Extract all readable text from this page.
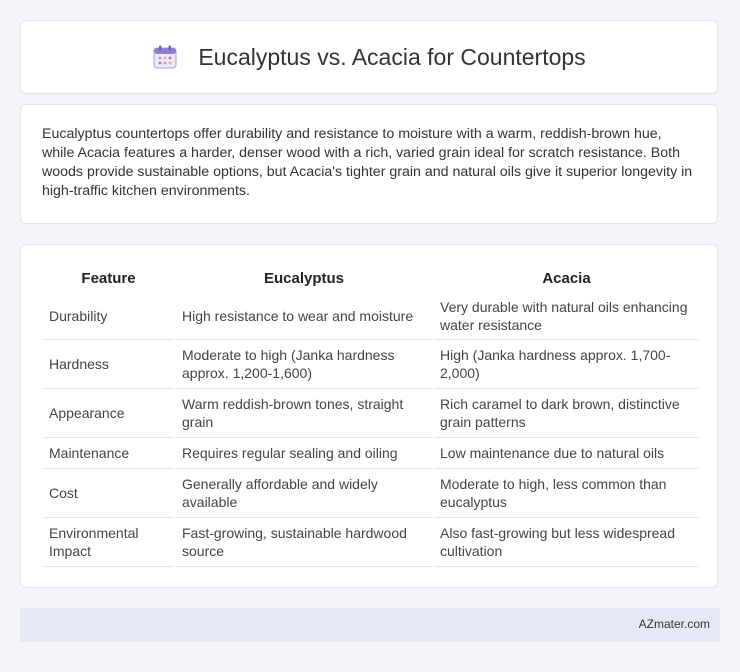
Eucalyptus vs. Acacia for Countertops

Eucalyptus countertops offer durability and resistance to moisture with a warm, reddish-brown hue, while Acacia features a harder, denser wood with a rich, varied grain ideal for scratch resistance. Both woods provide sustainable options, but Acacia's tighter grain and natural oils give it superior longevity in high-traffic kitchen environments.

Feature	Eucalyptus	Acacia
Durability	High resistance to wear and moisture	Very durable with natural oils enhancing water resistance
Hardness	Moderate to high (Janka hardness approx. 1,200-1,600)	High (Janka hardness approx. 1,700-2,000)
Appearance	Warm reddish-brown tones, straight grain	Rich caramel to dark brown, distinctive grain patterns
Maintenance	Requires regular sealing and oiling	Low maintenance due to natural oils
Cost	Generally affordable and widely available	Moderate to high, less common than eucalyptus
Environmental Impact	Fast-growing, sustainable hardwood source	Also fast-growing but less widespread cultivation
AZmater.com
